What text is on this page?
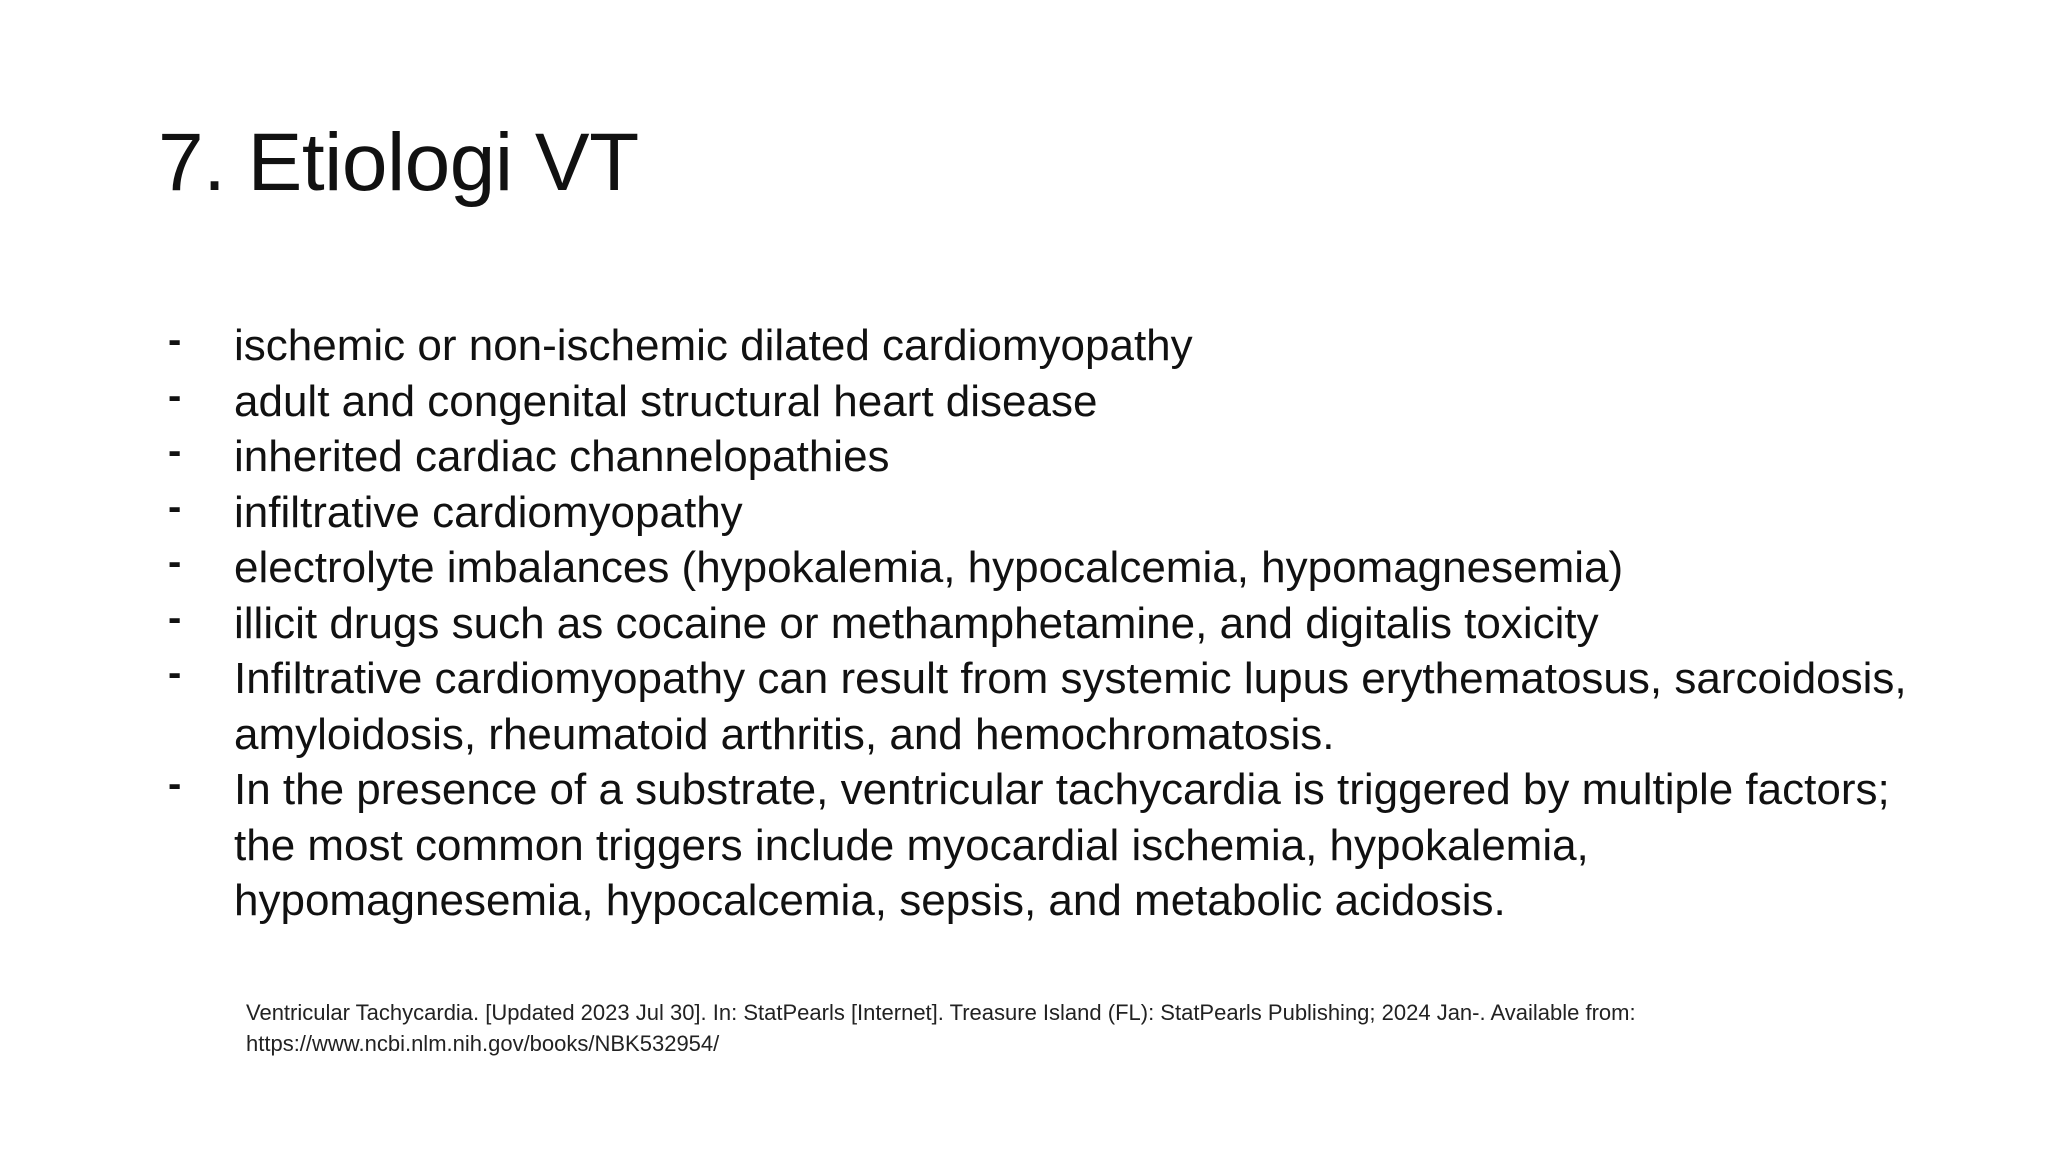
7. Etiologi VT
- ischemic or non-ischemic dilated cardiomyopathy
- adult and congenital structural heart disease
- inherited cardiac channelopathies
- infiltrative cardiomyopathy
- electrolyte imbalances (hypokalemia, hypocalcemia, hypomagnesemia)
- illicit drugs such as cocaine or methamphetamine, and digitalis toxicity
- Infiltrative cardiomyopathy can result from systemic lupus erythematosus, sarcoidosis, amyloidosis, rheumatoid arthritis, and hemochromatosis.
- In the presence of a substrate, ventricular tachycardia is triggered by multiple factors; the most common triggers include myocardial ischemia, hypokalemia, hypomagnesemia, hypocalcemia, sepsis, and metabolic acidosis.
Ventricular Tachycardia. [Updated 2023 Jul 30]. In: StatPearls [Internet]. Treasure Island (FL): StatPearls Publishing; 2024 Jan-. Available from:
https://www.ncbi.nlm.nih.gov/books/NBK532954/
